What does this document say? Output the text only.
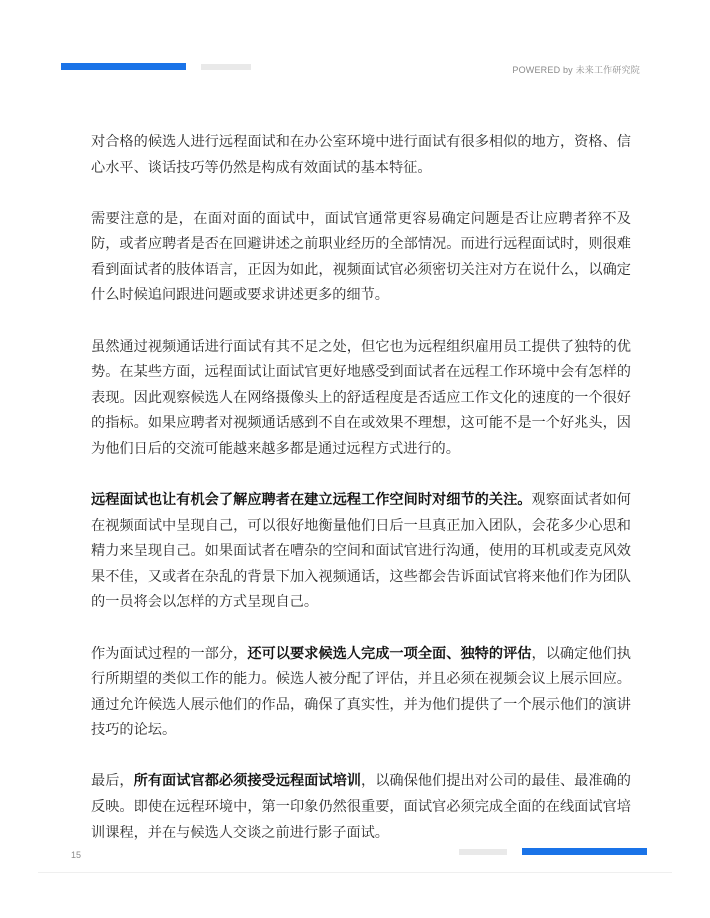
POWERED by 未来工作研究院

对合格的候选人进行远程面试和在办公室环境中进行面试有很多相似的地方，资格、信心水平、谈话技巧等仍然是构成有效面试的基本特征。

需要注意的是，在面对面的面试中，面试官通常更容易确定问题是否让应聘者猝不及防，或者应聘者是否在回避讲述之前职业经历的全部情况。而进行远程面试时，则很难看到面试者的肢体语言，正因为如此，视频面试官必须密切关注对方在说什么，以确定什么时候追问跟进问题或要求讲述更多的细节。

虽然通过视频通话进行面试有其不足之处，但它也为远程组织雇用员工提供了独特的优势。在某些方面，远程面试让面试官更好地感受到面试者在远程工作环境中会有怎样的表现。因此观察候选人在网络摄像头上的舒适程度是否适应工作文化的速度的一个很好的指标。如果应聘者对视频通话感到不自在或效果不理想，这可能不是一个好兆头，因为他们日后的交流可能越来越多都是通过远程方式进行的。

远程面试也让有机会了解应聘者在建立远程工作空间时对细节的关注。观察面试者如何在视频面试中呈现自己，可以很好地衡量他们日后一旦真正加入团队，会花多少心思和精力来呈现自己。如果面试者在嘈杂的空间和面试官进行沟通，使用的耳机或麦克风效果不佳，又或者在杂乱的背景下加入视频通话，这些都会告诉面试官将来他们作为团队的一员将会以怎样的方式呈现自己。

作为面试过程的一部分，还可以要求候选人完成一项全面、独特的评估，以确定他们执行所期望的类似工作的能力。候选人被分配了评估，并且必须在视频会议上展示回应。通过允许候选人展示他们的作品，确保了真实性，并为他们提供了一个展示他们的演讲技巧的论坛。

最后，所有面试官都必须接受远程面试培训，以确保他们提出对公司的最佳、最准确的反映。即使在远程环境中，第一印象仍然很重要，面试官必须完成全面的在线面试官培训课程，并在与候选人交谈之前进行影子面试。

15
